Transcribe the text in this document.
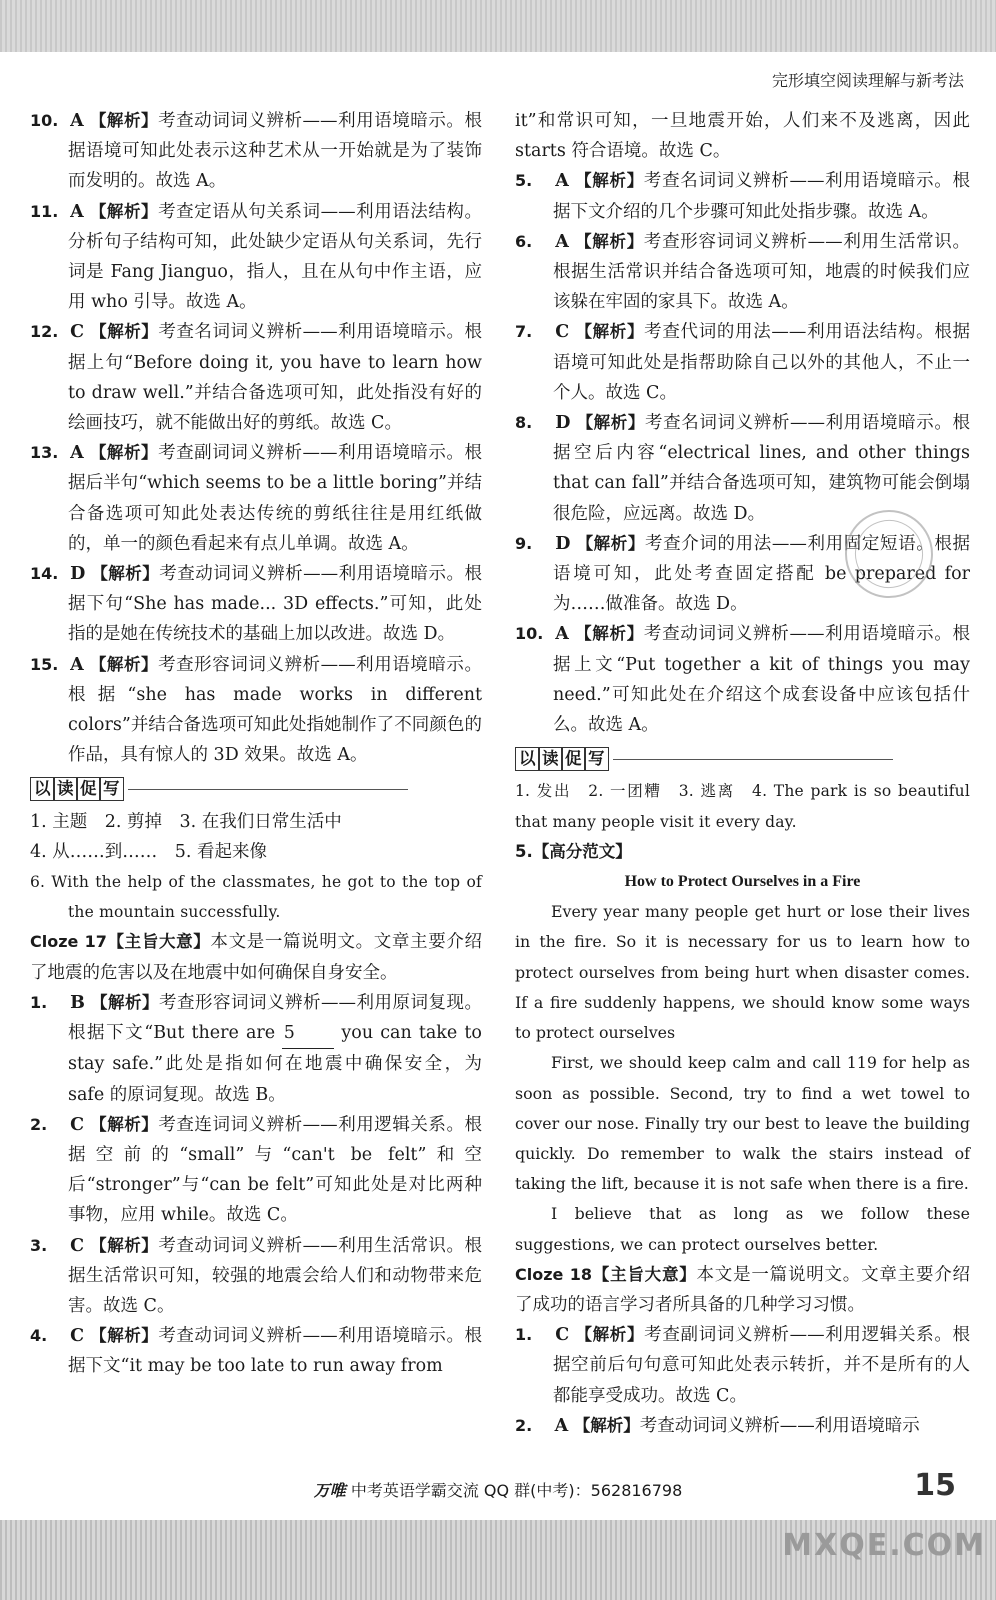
完形填空阅读理解与新考法

10. A 【解析】考查动词词义辨析——利用语境暗示。根据语境可知此处表示这种艺术从一开始就是为了装饰而发明的。故选 A。

11. A 【解析】考查定语从句关系词——利用语法结构。分析句子结构可知，此处缺少定语从句关系词，先行词是 Fang Jianguo，指人，且在从句中作主语，应用 who 引导。故选 A。

12. C 【解析】考查名词词义辨析——利用语境暗示。根据上句“Before doing it, you have to learn how to draw well.”并结合备选项可知，此处指没有好的绘画技巧，就不能做出好的剪纸。故选 C。

13. A 【解析】考查副词词义辨析——利用语境暗示。根据后半句“which seems to be a little boring”并结合备选项可知此处表达传统的剪纸往往是用红纸做的，单一的颜色看起来有点儿单调。故选 A。

14. D 【解析】考查动词词义辨析——利用语境暗示。根据下句“She has made... 3D effects.”可知，此处指的是她在传统技术的基础上加以改进。故选 D。

15. A 【解析】考查形容词词义辨析——利用语境暗示。根据“she has made works in different colors”并结合备选项可知此处指她制作了不同颜色的作品，具有惊人的 3D 效果。故选 A。

以 读 促 写

1. 主题　2. 剪掉　3. 在我们日常生活中

4. 从……到……　5. 看起来像

6. With the help of the classmates, he got to the top of the mountain successfully.

Cloze 17【主旨大意】本文是一篇说明文。文章主要介绍了地震的危害以及在地震中如何确保自身安全。

1. B 【解析】考查形容词词义辨析——利用原词复现。根据下文“But there are 5	you can take to stay safe.”此处是指如何在地震中确保安全，为 safe 的原词复现。故选 B。

2. C 【解析】考查连词词义辨析——利用逻辑关系。根据空前的“small”与“can't be felt”和空后“stronger”与“can be felt”可知此处是对比两种事物，应用 while。故选 C。

3. C 【解析】考查动词词义辨析——利用生活常识。根据生活常识可知，较强的地震会给人们和动物带来危害。故选 C。

4. C 【解析】考查动词词义辨析——利用语境暗示。根据下文“it may be too late to run away from

it”和常识可知，一旦地震开始，人们来不及逃离，因此 starts 符合语境。故选 C。

5. A 【解析】考查名词词义辨析——利用语境暗示。根据下文介绍的几个步骤可知此处指步骤。故选 A。

6. A 【解析】考查形容词词义辨析——利用生活常识。根据生活常识并结合备选项可知，地震的时候我们应该躲在牢固的家具下。故选 A。

7. C 【解析】考查代词的用法——利用语法结构。根据语境可知此处是指帮助除自己以外的其他人，不止一个人。故选 C。

8. D 【解析】考查名词词义辨析——利用语境暗示。根据空后内容“electrical lines, and other things that can fall”并结合备选项可知，建筑物可能会倒塌很危险，应远离。故选 D。

9. D 【解析】考查介词的用法——利用固定短语。根据语境可知，此处考查固定搭配 be prepared for 为……做准备。故选 D。

10. A 【解析】考查动词词义辨析——利用语境暗示。根据上文“Put together a kit of things you may need.”可知此处在介绍这个成套设备中应该包括什么。故选 A。

以 读 促 写

1. 发出　2. 一团糟　3. 逃离　4. The park is so beautiful that many people visit it every day.

5.【高分范文】

How to Protect Ourselves in a Fire

Every year many people get hurt or lose their lives in the fire. So it is necessary for us to learn how to protect ourselves from being hurt when disaster comes. If a fire suddenly happens, we should know some ways to protect ourselves

First, we should keep calm and call 119 for help as soon as possible. Second, try to find a wet towel to cover our nose. Finally try our best to leave the building quickly. Do remember to walk the stairs instead of taking the lift, because it is not safe when there is a fire.

I believe that as long as we follow these suggestions, we can protect ourselves better.

Cloze 18【主旨大意】本文是一篇说明文。文章主要介绍了成功的语言学习者所具备的几种学习习惯。

1. C 【解析】考查副词词义辨析——利用逻辑关系。根据空前后句句意可知此处表示转折，并不是所有的人都能享受成功。故选 C。

2. A 【解析】考查动词词义辨析——利用语境暗示

万唯 中考英语学霸交流 QQ 群(中考)：562816798	15
MXQE.COM
